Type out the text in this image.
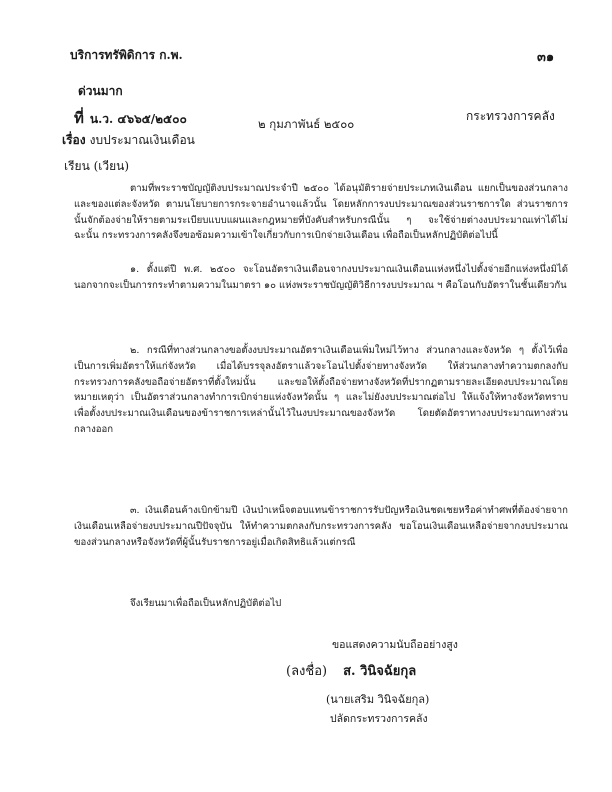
บริการทรัพิดิการ ก.พ.	๓๑
ด่วนมาก
ที่ น.ว. ๔๖๖๕/๒๕๐๐	กระทรวงการคลัง
๒ กุมภาพันธ์ ๒๕๐๐
เรื่อง งบประมาณเงินเดือน
เรียน (เวียน)
ตามที่พระราชบัญญัติงบประมาณประจำปี ๒๕๐๐ ได้อนุมัติรายจ่ายประเภทเงินเดือน แยกเป็นของส่วนกลางและของแต่ละจังหวัด ตามนโยบายการกระจายอำนาจแล้วนั้น โดยหลักการงบประมาณของส่วนราชการใด ส่วนราชการนั้นจักต้องจ่ายให้รายตามระเบียบแบบแผนและกฎหมายที่บังคับสำหรับกรณีนั้น ๆ จะใช้จ่ายต่างงบประมาณเท่าได้ไม่ ฉะนั้น กระทรวงการคลังจึงขอซ้อมความเข้าใจเกี่ยวกับการเบิกจ่ายเงินเดือน เพื่อถือเป็นหลักปฏิบัติต่อไปนี้
๑. ตั้งแต่ปี พ.ศ. ๒๕๐๐ จะโอนอัตราเงินเดือนจากงบประมาณเงินเดือนแห่งหนึ่งไปตั้งจ่ายอีกแห่งหนึ่งมิได้ นอกจากจะเป็นการกระทำตามความในมาตรา ๑๐ แห่งพระราชบัญญัติวิธีการงบประมาณ ฯ คือโอนกับอัตราในชั้นเดียวกัน
๒. กรณีที่ทางส่วนกลางขอตั้งงบประมาณอัตราเงินเดือนเพิ่มใหม่ไว้ทาง ส่วนกลางและจังหวัด ๆ ตั้งไว้เพื่อเป็นการเพิ่มอัตราให้แก่จังหวัด เมื่อได้บรรจุลงอัตราแล้วจะโอนไปตั้งจ่ายทางจังหวัด ให้ส่วนกลางทำความตกลงกับกระทรวงการคลังขอถือจ่ายอัตราที่ตั้งใหม่นั้น และขอให้ตั้งถือจ่ายทางจังหวัดที่ปรากฏตามรายละเอียดงบประมาณโดยหมายเหตุว่า เป็นอัตราส่วนกลางทำการเบิกจ่ายแห่งจังหวัดนั้น ๆ และไม่ยังงบประมาณต่อไป ให้แจ้งให้ทางจังหวัดทราบเพื่อตั้งงบประมาณเงินเดือนของข้าราชการเหล่านั้นไว้ในงบประมาณของจังหวัด โดยตัดอัตราทางงบประมาณทางส่วนกลางออก
๓. เงินเดือนค้างเบิกข้ามปี เงินบำเหน็จตอบแทนข้าราชการรับปัญหรือเงินชดเชยหรือค่าทำศพที่ต้องจ่ายจากเงินเดือนเหลือจ่ายงบประมาณปีปัจจุบัน ให้ทำความตกลงกับกระทรวงการคลัง ขอโอนเงินเดือนเหลือจ่ายจากงบประมาณของส่วนกลางหรือจังหวัดที่ผู้นั้นรับราชการอยู่เมื่อเกิดสิทธิแล้วแต่กรณี
จึงเรียนมาเพื่อถือเป็นหลักปฏิบัติต่อไป
ขอแสดงความนับถืออย่างสูง
(ลงชื่อ) ส. วินิจฉัยกุล
(นายเสริม วินิจฉัยกุล)
ปลัดกระทรวงการคลัง
